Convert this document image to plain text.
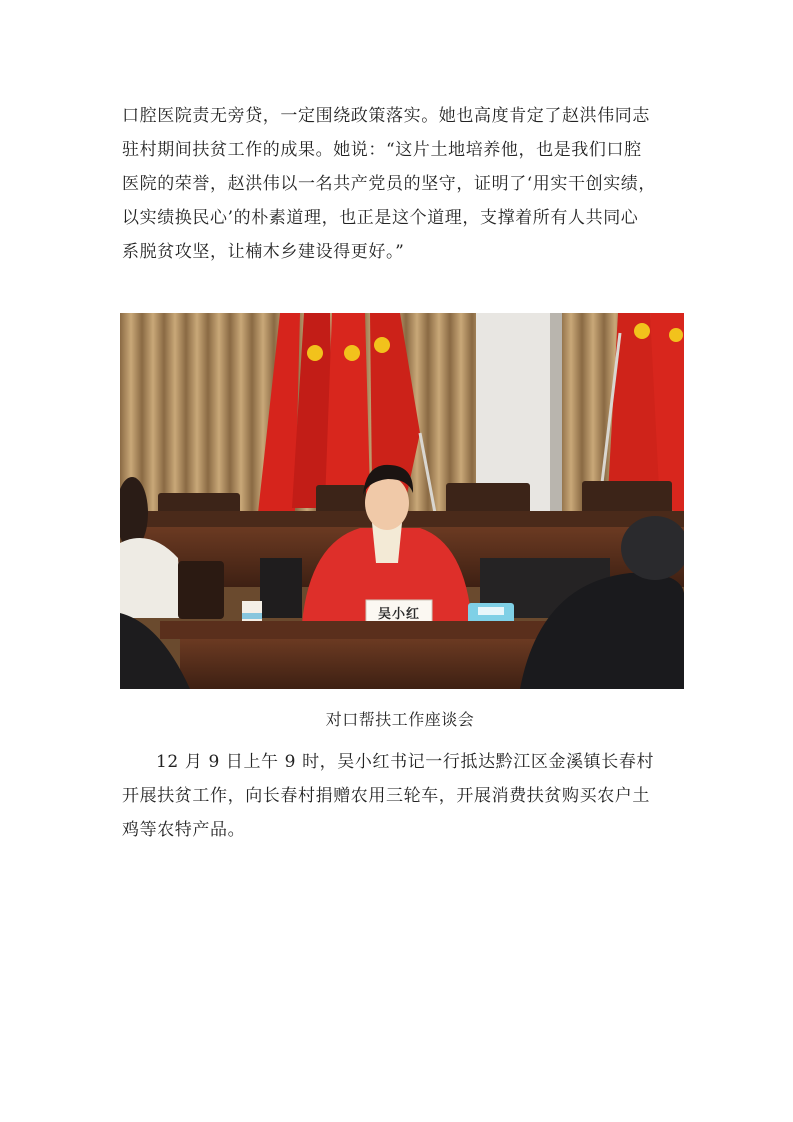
口腔医院责无旁贷，一定围绕政策落实。她也高度肯定了赵洪伟同志
驻村期间扶贫工作的成果。她说：“这片土地培养他，也是我们口腔
医院的荣誉，赵洪伟以一名共产党员的坚守，证明了‘用实干创实绩，
以实绩换民心’的朴素道理，也正是这个道理，支撑着所有人共同心
系脱贫攻坚，让楠木乡建设得更好。”

吴小红
对口帮扶工作座谈会

12 月 9 日上午 9 时，吴小红书记一行抵达黔江区金溪镇长春村
开展扶贫工作，向长春村捐赠农用三轮车，开展消费扶贫购买农户土
鸡等农特产品。
